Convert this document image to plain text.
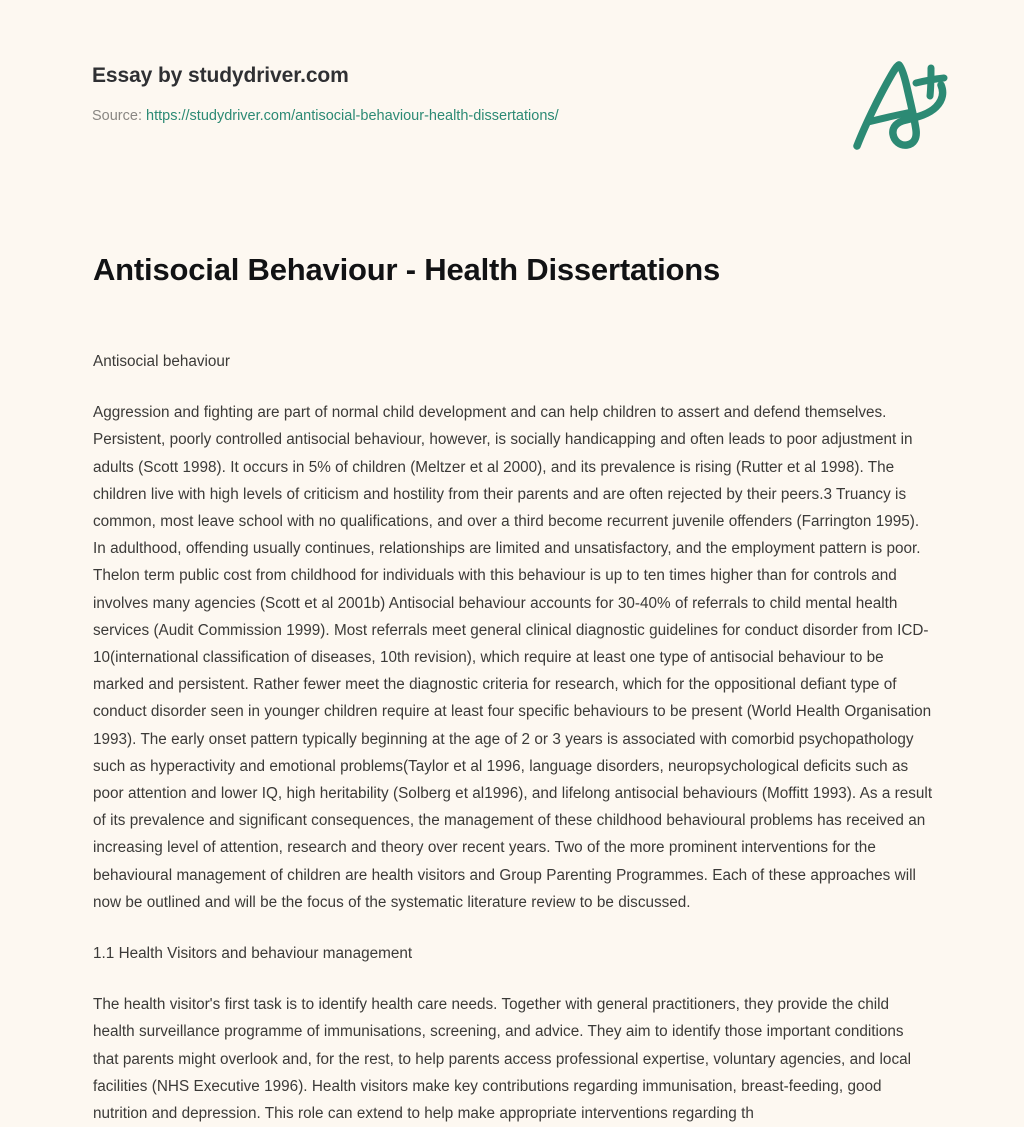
Essay by studydriver.com
Source: https://studydriver.com/antisocial-behaviour-health-dissertations/
Antisocial Behaviour - Health Dissertations

Antisocial behaviour

Aggression and fighting are part of normal child development and can help children to assert and defend themselves. Persistent, poorly controlled antisocial behaviour, however, is socially handicapping and often leads to poor adjustment in adults (Scott 1998). It occurs in 5% of children (Meltzer et al 2000), and its prevalence is rising (Rutter et al 1998). The children live with high levels of criticism and hostility from their parents and are often rejected by their peers.3 Truancy is common, most leave school with no qualifications, and over a third become recurrent juvenile offenders (Farrington 1995). In adulthood, offending usually continues, relationships are limited and unsatisfactory, and the employment pattern is poor. Thelon term public cost from childhood for individuals with this behaviour is up to ten times higher than for controls and involves many agencies (Scott et al 2001b) Antisocial behaviour accounts for 30-40% of referrals to child mental health services (Audit Commission 1999). Most referrals meet general clinical diagnostic guidelines for conduct disorder from ICD-10(international classification of diseases, 10th revision), which require at least one type of antisocial behaviour to be marked and persistent. Rather fewer meet the diagnostic criteria for research, which for the oppositional defiant type of conduct disorder seen in younger children require at least four specific behaviours to be present (World Health Organisation 1993). The early onset pattern typically beginning at the age of 2 or 3 years is associated with comorbid psychopathology such as hyperactivity and emotional problems(Taylor et al 1996, language disorders, neuropsychological deficits such as poor attention and lower IQ, high heritability (Solberg et al1996), and lifelong antisocial behaviours (Moffitt 1993). As a result of its prevalence and significant consequences, the management of these childhood behavioural problems has received an increasing level of attention, research and theory over recent years. Two of the more prominent interventions for the behavioural management of children are health visitors and Group Parenting Programmes. Each of these approaches will now be outlined and will be the focus of the systematic literature review to be discussed.

1.1 Health Visitors and behaviour management

The health visitor's first task is to identify health care needs. Together with general practitioners, they provide the child health surveillance programme of immunisations, screening, and advice. They aim to identify those important conditions that parents might overlook and, for the rest, to help parents access professional expertise, voluntary agencies, and local facilities (NHS Executive 1996). Health visitors make key contributions regarding immunisation, breast-feeding, good nutrition and depression. This role can extend to help make appropriate interventions regarding th
